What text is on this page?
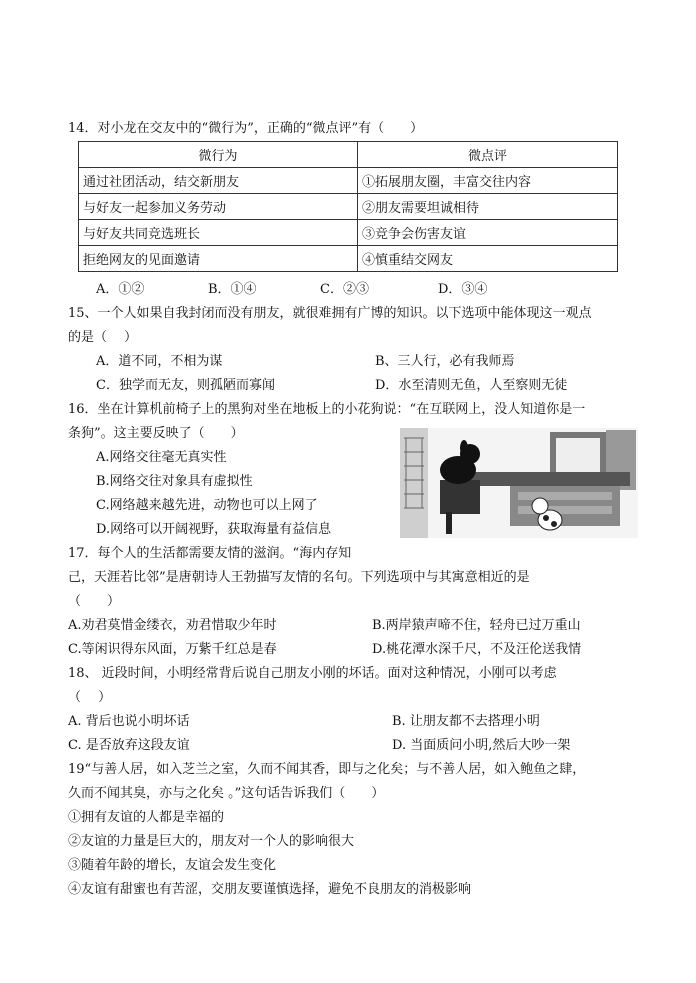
14．对小龙在交友中的“微行为”，正确的“微点评”有（　　）
微行为	微点评
通过社团活动，结交新朋友	①拓展朋友圈，丰富交往内容
与好友一起参加义务劳动	②朋友需要坦诚相待
与好友共同竞选班长	③竞争会伤害友谊
拒绝网友的见面邀请	④慎重结交网友
A．①②	B．①④	C．②③	D．③④
15、一个人如果自我封闭而没有朋友，就很难拥有广博的知识。以下选项中能体现这一观点
的是（　 ）
A．道不同，不相为谋	B、三人行，必有我师焉
C．独学而无友，则孤陋而寡闻	D．水至清则无鱼，人至察则无徒
16．坐在计算机前椅子上的黑狗对坐在地板上的小花狗说：“在互联网上，没人知道你是一
条狗”。这主要反映了（　　）
A.网络交往毫无真实性
B.网络交往对象具有虚拟性
C.网络越来越先进，动物也可以上网了
D.网络可以开阔视野，获取海量有益信息
17．每个人的生活都需要友情的滋润。“海内存知
己，天涯若比邻”是唐朝诗人王勃描写友情的名句。下列选项中与其寓意相近的是
（　　）
A.劝君莫惜金缕衣，劝君惜取少年时	B.两岸猿声啼不住，轻舟已过万重山
C.等闲识得东风面，万紫千红总是春	D.桃花潭水深千尺，不及汪伦送我情
18、 近段时间，小明经常背后说自己朋友小刚的坏话。面对这种情况，小刚可以考虑
（　 ）
A. 背后也说小明坏话	B. 让朋友都不去搭理小明
C. 是否放弃这段友谊	D. 当面质问小明,然后大吵一架
19“与善人居，如入芝兰之室，久而不闻其香，即与之化矣；与不善人居，如入鲍鱼之肆，
久而不闻其臭，亦与之化矣 。”这句话告诉我们（　　）
①拥有友谊的人都是幸福的
②友谊的力量是巨大的，朋友对一个人的影响很大
③随着年龄的增长，友谊会发生变化
④友谊有甜蜜也有苦涩，交朋友要谨慎选择，避免不良朋友的消极影响
